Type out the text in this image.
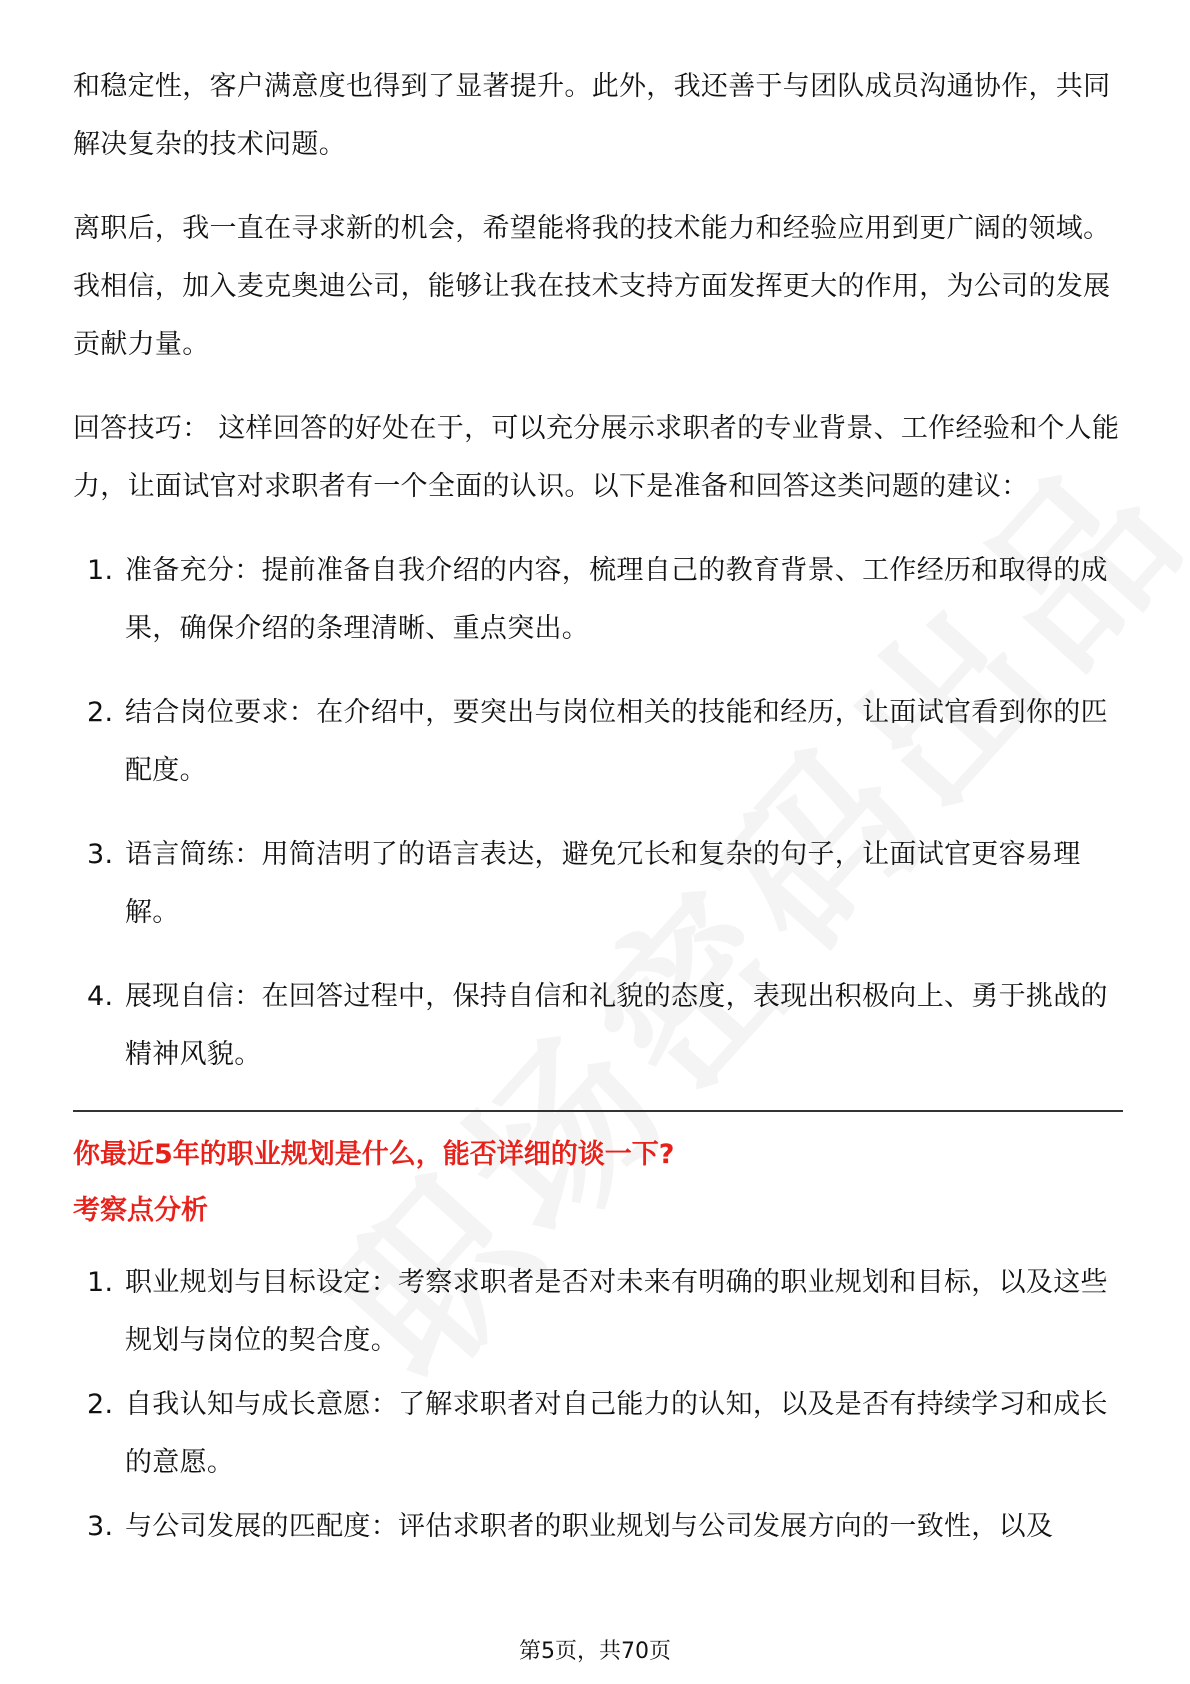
和稳定性，客户满意度也得到了显著提升。此外，我还善于与团队成员沟通协作，共同解决复杂的技术问题。

离职后，我一直在寻求新的机会，希望能将我的技术能力和经验应用到更广阔的领域。我相信，加入麦克奥迪公司，能够让我在技术支持方面发挥更大的作用，为公司的发展贡献力量。

回答技巧： 这样回答的好处在于，可以充分展示求职者的专业背景、工作经验和个人能力，让面试官对求职者有一个全面的认识。以下是准备和回答这类问题的建议：

1. 准备充分：提前准备自我介绍的内容，梳理自己的教育背景、工作经历和取得的成果，确保介绍的条理清晰、重点突出。
2. 结合岗位要求：在介绍中，要突出与岗位相关的技能和经历，让面试官看到你的匹配度。
3. 语言简练：用简洁明了的语言表达，避免冗长和复杂的句子，让面试官更容易理解。
4. 展现自信：在回答过程中，保持自信和礼貌的态度，表现出积极向上、勇于挑战的精神风貌。
你最近5年的职业规划是什么，能否详细的谈一下?
考察点分析
1. 职业规划与目标设定：考察求职者是否对未来有明确的职业规划和目标，以及这些规划与岗位的契合度。
2. 自我认知与成长意愿：了解求职者对自己能力的认知，以及是否有持续学习和成长的意愿。
3. 与公司发展的匹配度：评估求职者的职业规划与公司发展方向的一致性，以及
第5页，共70页
